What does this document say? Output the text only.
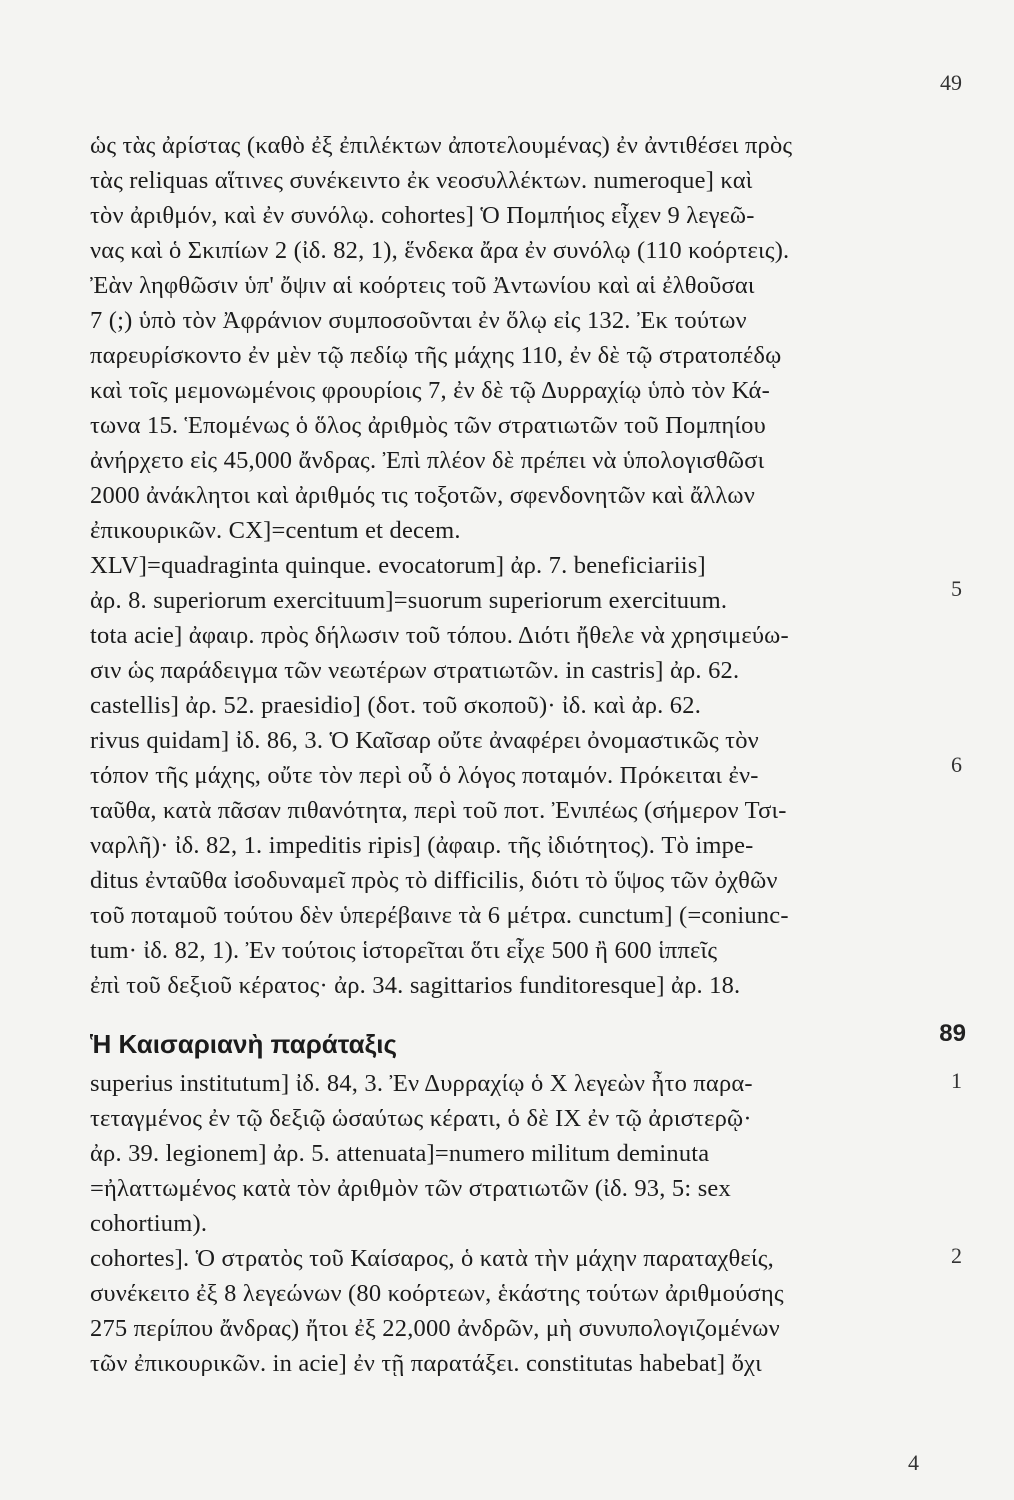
49
ὡς τὰς ἀρίστας (καθὸ ἐξ ἐπιλέκτων ἀποτελουμένας) ἐν ἀντιθέσει πρὸς
τὰς reliquas αἵτινες συνέκειντο ἐκ νεοσυλλέκτων. numeroque] καὶ
τὸν ἀριθμόν, καὶ ἐν συνόλῳ. cohortes] Ὁ Πομπήιος εἶχεν 9 λεγεῶ-
νας καὶ ὁ Σκιπίων 2 (ἰδ. 82, 1), ἕνδεκα ἄρα ἐν συνόλῳ (110 κοόρτεις).
Ἐὰν ληφθῶσιν ὑπ' ὄψιν αἱ κοόρτεις τοῦ Ἀντωνίου καὶ αἱ ἐλθοῦσαι
7 (;) ὑπὸ τὸν Ἀφράνιον συμποσοῦνται ἐν ὅλῳ εἰς 132. Ἐκ τούτων
παρευρίσκοντο ἐν μὲν τῷ πεδίῳ τῆς μάχης 110, ἐν δὲ τῷ στρατοπέδῳ
καὶ τοῖς μεμονωμένοις φρουρίοις 7, ἐν δὲ τῷ Δυρραχίῳ ὑπὸ τὸν Κά-
τωνα 15. Ἑπομένως ὁ ὅλος ἀριθμὸς τῶν στρατιωτῶν τοῦ Πομπηίου
ἀνήρχετο εἰς 45,000 ἄνδρας. Ἐπὶ πλέον δὲ πρέπει νὰ ὑπολογισθῶσι
2000 ἀνάκλητοι καὶ ἀριθμός τις τοξοτῶν, σφενδονητῶν καὶ ἄλλων
ἐπικουρικῶν. CX]=centum et decem.
XLV]=quadraginta quinque. evocatorum] ἀρ. 7. beneficiariis]
ἀρ. 8. superiorum exercituum]=suorum superiorum exercituum.
tota acie] ἀφαιρ. πρὸς δήλωσιν τοῦ τόπου. Διότι ἤθελε νὰ χρησιμεύω-
σιν ὡς παράδειγμα τῶν νεωτέρων στρατιωτῶν. in castris] ἀρ. 62.
castellis] ἀρ. 52. praesidio] (δοτ. τοῦ σκοποῦ)· ἰδ. καὶ ἀρ. 62.
rivus quidam] ἰδ. 86, 3. Ὁ Καῖσαρ οὔτε ἀναφέρει ὀνομαστικῶς τὸν
τόπον τῆς μάχης, οὔτε τὸν περὶ οὗ ὁ λόγος ποταμόν. Πρόκειται ἐν-
ταῦθα, κατὰ πᾶσαν πιθανότητα, περὶ τοῦ ποτ. Ἐνιπέως (σήμερον Τσι-
ναρλῆ)· ἰδ. 82, 1. impeditis ripis] (ἀφαιρ. τῆς ἰδιότητος). Τὸ impe-
ditus ἐνταῦθα ἰσοδυναμεῖ πρὸς τὸ difficilis, διότι τὸ ὕψος τῶν ὀχθῶν
τοῦ ποταμοῦ τούτου δὲν ὑπερέβαινε τὰ 6 μέτρα. cunctum] (=coniunc-
tum· ἰδ. 82, 1). Ἐν τούτοις ἱστορεῖται ὅτι εἶχε 500 ἢ 600 ἱππεῖς
ἐπὶ τοῦ δεξιοῦ κέρατος· ἀρ. 34. sagittarios funditoresque] ἀρ. 18.
5
6
Ἡ Καισαριανὴ παράταξις	89
superius institutum] ἰδ. 84, 3. Ἐν Δυρραχίῳ ὁ X λεγεὼν ἦτο παρα-
τεταγμένος ἐν τῷ δεξιῷ ὡσαύτως κέρατι, ὁ δὲ IX ἐν τῷ ἀριστερῷ·
ἀρ. 39. legionem] ἀρ. 5. attenuata]=numero militum deminuta
=ἠλαττωμένος κατὰ τὸν ἀριθμὸν τῶν στρατιωτῶν (ἰδ. 93, 5: sex
cohortium).
cohortes]. Ὁ στρατὸς τοῦ Καίσαρος, ὁ κατὰ τὴν μάχην παραταχθείς,
συνέκειτο ἐξ 8 λεγεώνων (80 κοόρτεων, ἑκάστης τούτων ἀριθμούσης
275 περίπου ἄνδρας) ἤτοι ἐξ 22,000 ἀνδρῶν, μὴ συνυπολογιζομένων
τῶν ἐπικουρικῶν. in acie] ἐν τῇ παρατάξει. constitutas habebat] ὄχι
1
2
4
